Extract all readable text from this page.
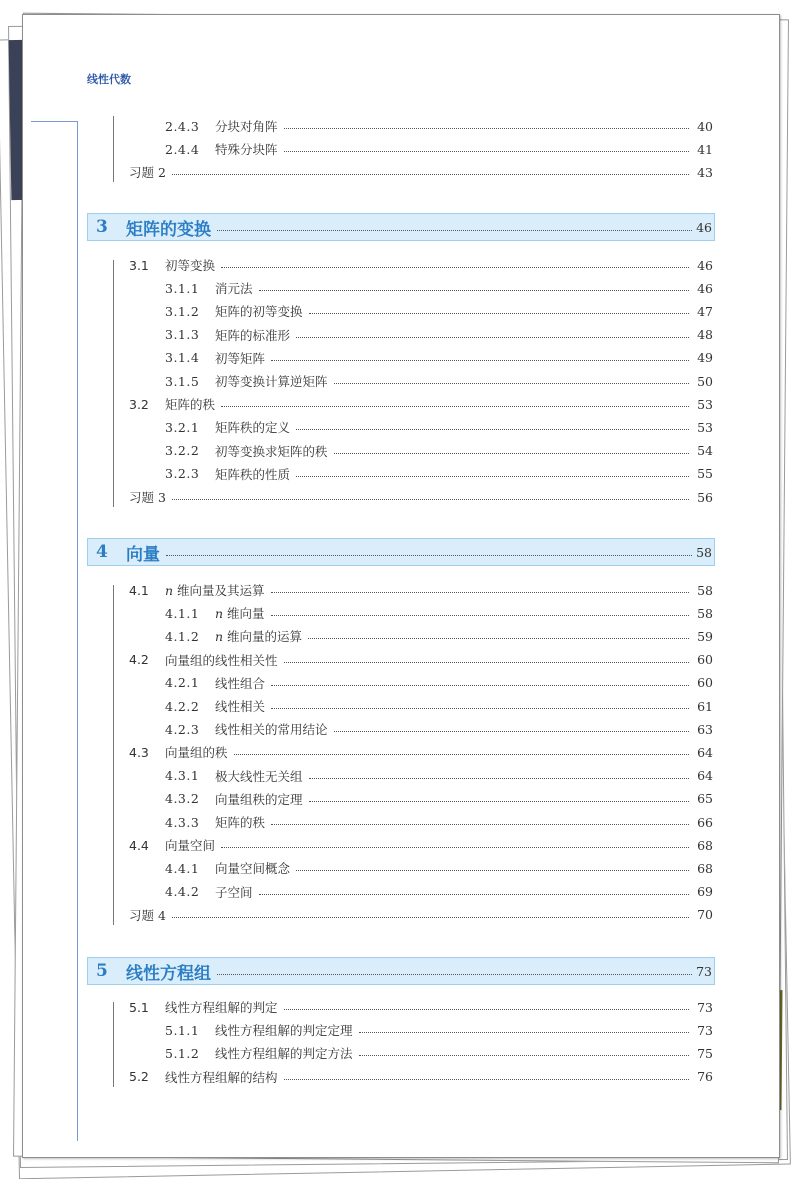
线性代数
2.4.3 分块对角阵	40
2.4.4 特殊分块阵	41
习题 2	43
3	矩阵的变换	46
3.1 初等变换	46
3.1.1 消元法	46
3.1.2 矩阵的初等变换	47
3.1.3 矩阵的标准形	48
3.1.4 初等矩阵	49
3.1.5 初等变换计算逆矩阵	50
3.2 矩阵的秩	53
3.2.1 矩阵秩的定义	53
3.2.2 初等变换求矩阵的秩	54
3.2.3 矩阵秩的性质	55
习题 3	56
4	向量	58
4.1 n 维向量及其运算	58
4.1.1 n 维向量	58
4.1.2 n 维向量的运算	59
4.2 向量组的线性相关性	60
4.2.1 线性组合	60
4.2.2 线性相关	61
4.2.3 线性相关的常用结论	63
4.3 向量组的秩	64
4.3.1 极大线性无关组	64
4.3.2 向量组秩的定理	65
4.3.3 矩阵的秩	66
4.4 向量空间	68
4.4.1 向量空间概念	68
4.4.2 子空间	69
习题 4	70
5	线性方程组	73
5.1 线性方程组解的判定	73
5.1.1 线性方程组解的判定定理	73
5.1.2 线性方程组解的判定方法	75
5.2 线性方程组解的结构	76
